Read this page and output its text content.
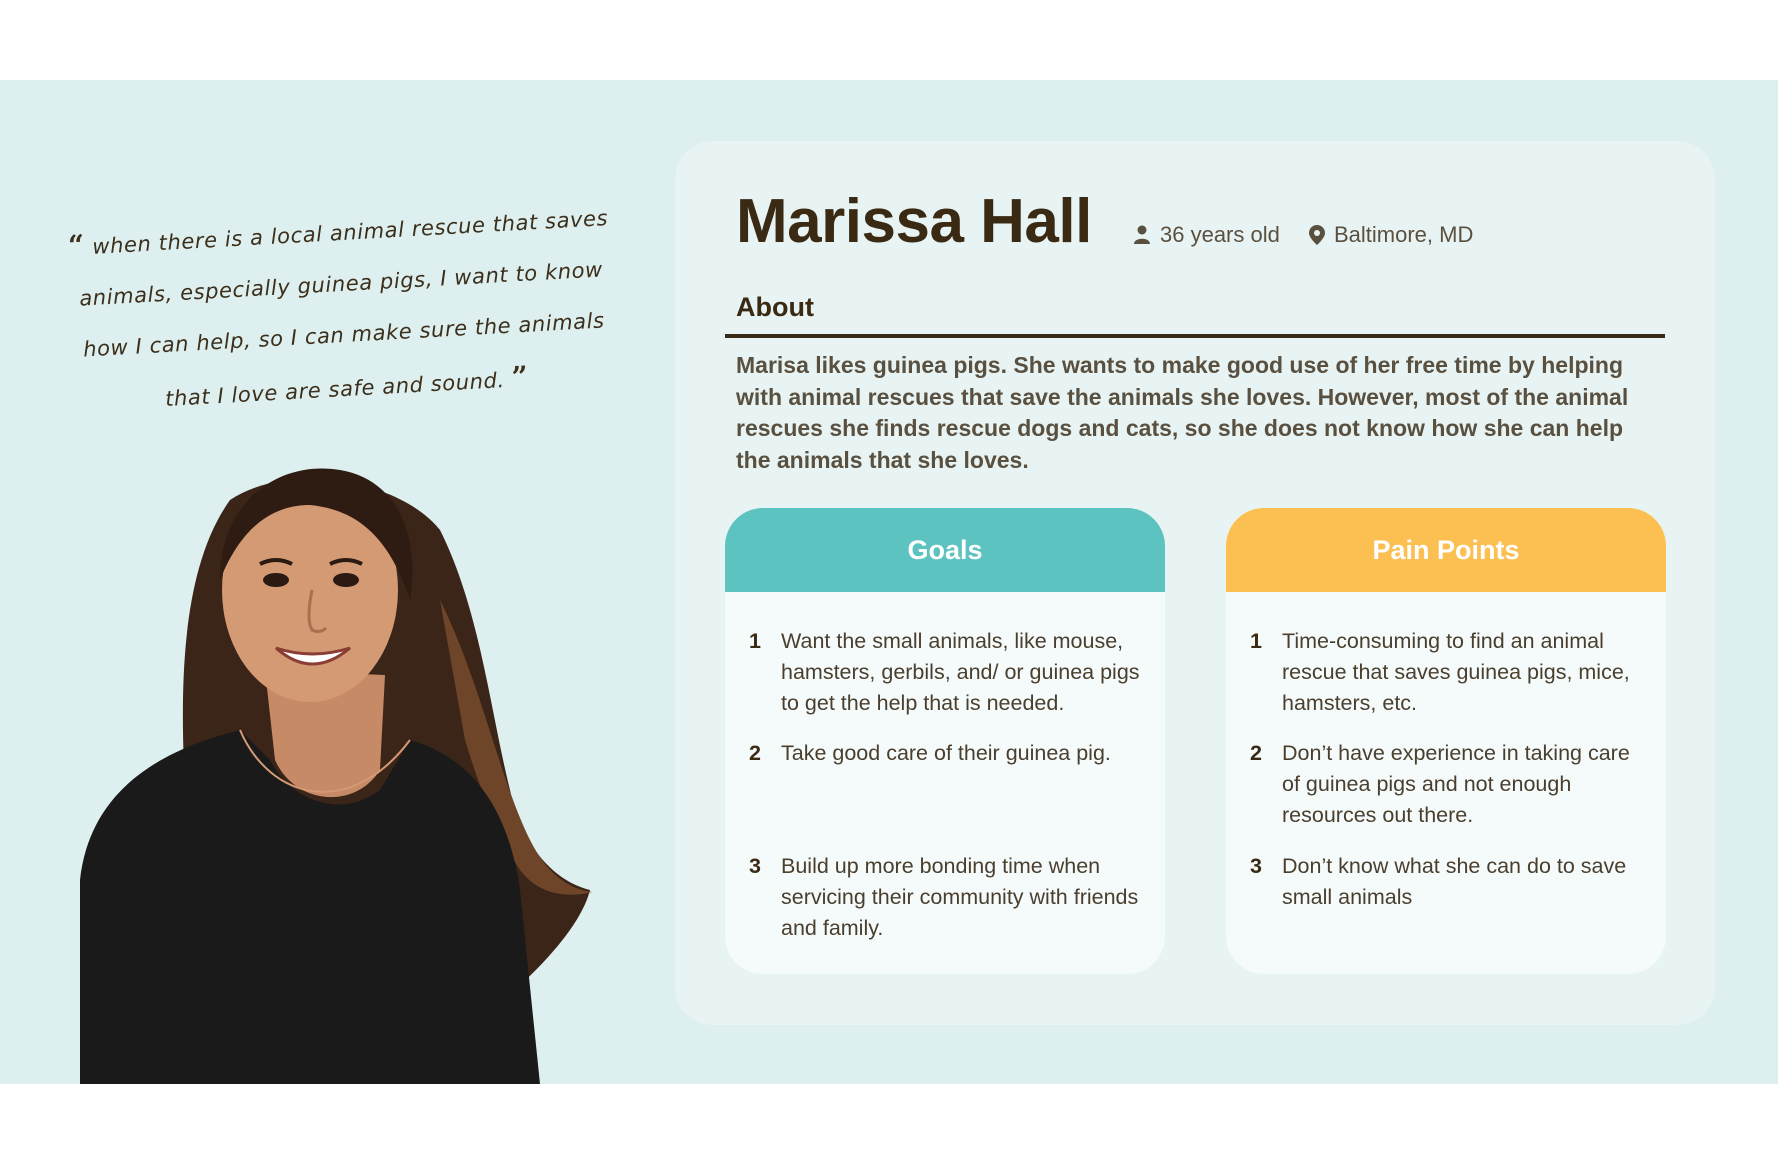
“ when there is a local animal rescue that saves animals, especially guinea pigs, I want to know how I can help, so I can make sure the animals that I love are safe and sound. ”
Marissa Hall	36 years old Baltimore, MD
About
Marisa likes guinea pigs. She wants to make good use of her free time by helping with animal rescues that save the animals she loves. However, most of the animal rescues she finds rescue dogs and cats, so she does not know how she can help the animals that she loves.
Goals
1 Want the small animals, like mouse, hamsters, gerbils, and/ or guinea pigs to get the help that is needed.
2 Take good care of their guinea pig.
3 Build up more bonding time when servicing their community with friends and family.
Pain Points
1 Time-consuming to find an animal rescue that saves guinea pigs, mice, hamsters, etc.
2 Don’t have experience in taking care of guinea pigs and not enough resources out there.
3 Don’t know what she can do to save small animals
